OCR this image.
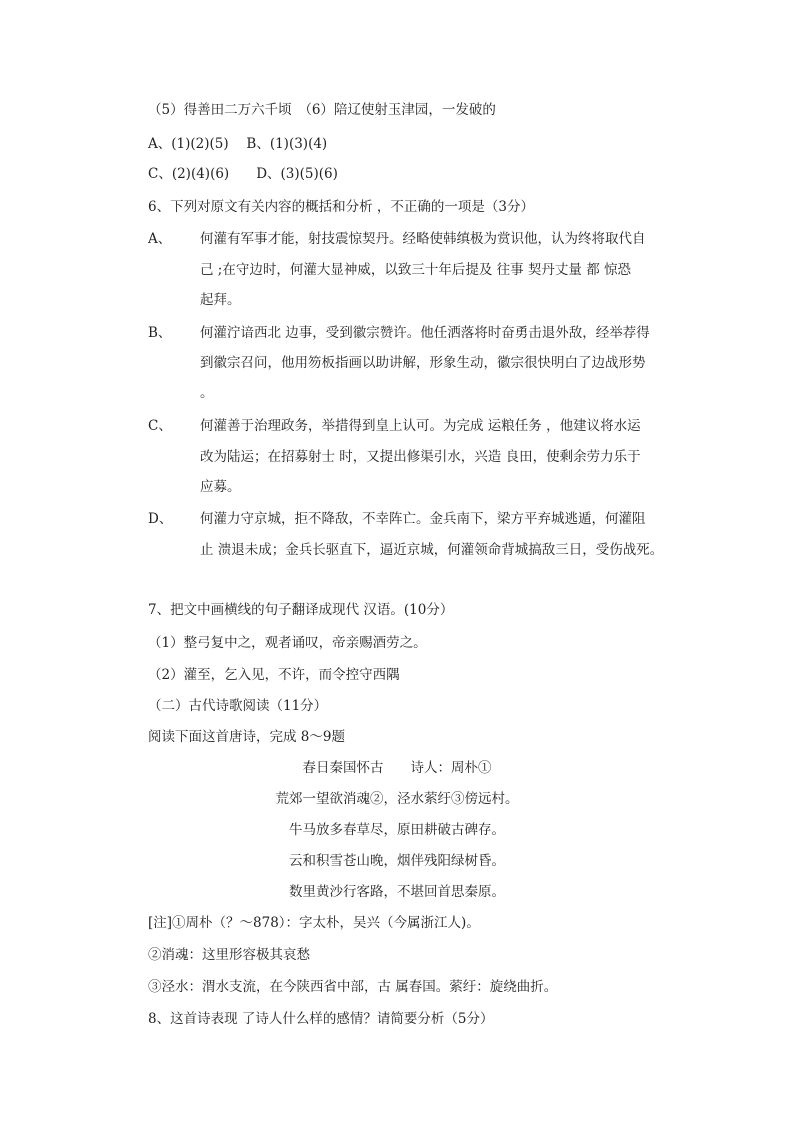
（5）得善田二万六千顷　（6）陪辽使射玉津园，一发破的
A、(1)(2)(5)　 B、(1)(3)(4)
C、(2)(4)(6)　　D、(3)(5)(6)
6、下列对原文有关内容的概括和分析 ，不正确的一项是（3分）
A、 何灌有军事才能，射技震惊契丹。经略使韩缜极为赏识他，认为终将取代自
己 ;在守边时，何灌大显神威，以致三十年后提及 往事 契丹丈量 都 惊恐
起拜。
B、 何灌泞谙西北 边事，受到徽宗赞许。他任洒落将时奋勇击退外敌，经举荐得
到徽宗召问，他用笏板指画以助讲解，形象生动，徽宗很快明白了边战形势
。
C、 何灌善于治理政务，举措得到皇上认可。为完成 运粮任务 ，他建议将水运
改为陆运；在招募射士 时，又提出修渠引水，兴造 良田，使剩余劳力乐于
应募。
D、 何灌力守京城，拒不降敌，不幸阵亡。金兵南下，梁方平弃城逃遁，何灌阻
止 溃退未成；金兵长驱直下，逼近京城，何灌领命背城搞敌三日，受伤战死。
7、把文中画横线的句子翻译成现代 汉语。(10分）
（1）整弓复中之，观者诵叹，帝亲赐酒劳之。
（2）灌至，乞入见，不许，而令控守西隅
（二）古代诗歌阅读（11分）
阅读下面这首唐诗，完成 8～9题
春日秦国怀古　　诗人：周朴①
荒郊一望欲消魂②，泾水萦纡③傍远村。
牛马放多春草尽，原田耕破古碑存。
云和积雪苍山晚，烟伴残阳绿树昏。
数里黄沙行客路，不堪回首思秦原。
[注]①周朴（？～878）：字太朴，吴兴（今属浙江人)。
②消魂：这里形容极其哀愁
③泾水：渭水支流，在今陕西省中部，古 属春国。萦纡：旋绕曲折。
8、这首诗表现 了诗人什么样的感情？请简要分析（5分）
